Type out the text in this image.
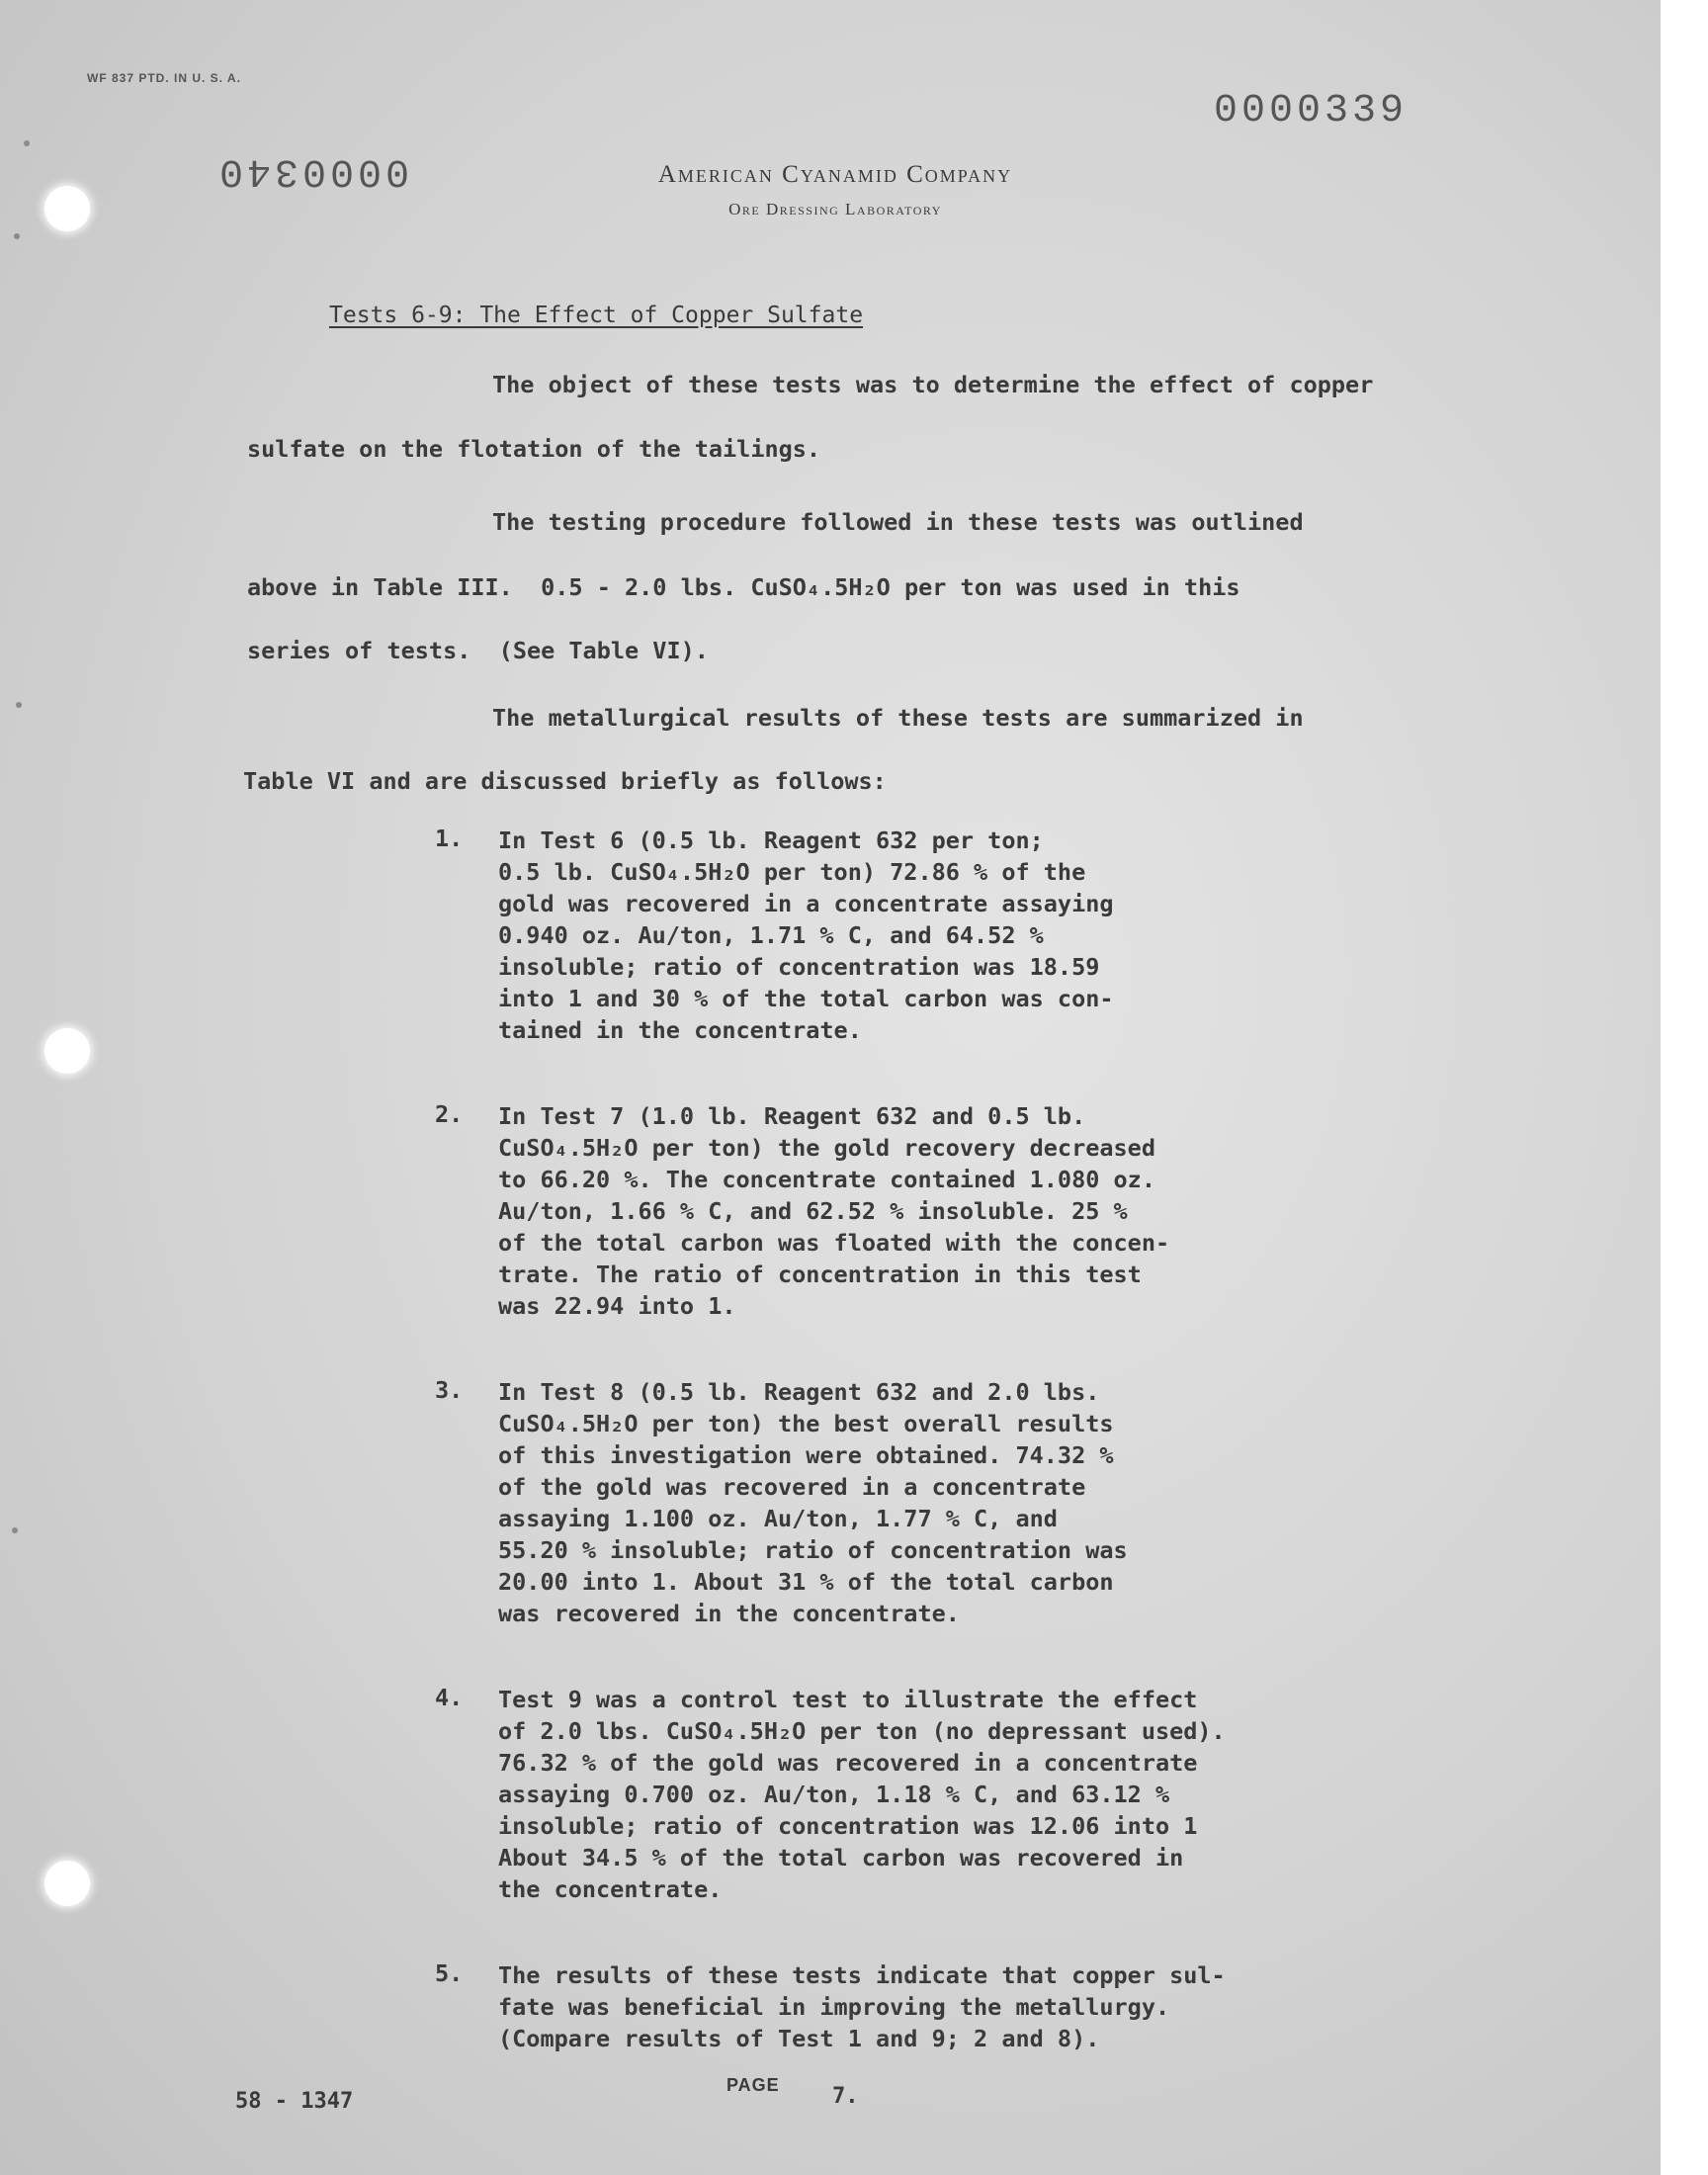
WF 837 PTD. IN U. S. A.
0000339
0000340	American Cyanamid Company
Ore Dressing Laboratory
Tests 6-9: The Effect of Copper Sulfate
The object of these tests was to determine the effect of copper
sulfate on the flotation of the tailings.
The testing procedure followed in these tests was outlined
above in Table III.  0.5 - 2.0 lbs. CuSO₄.5H₂O per ton was used in this
series of tests.  (See Table VI).
The metallurgical results of these tests are summarized in
Table VI and are discussed briefly as follows:
1.	In Test 6 (0.5 lb. Reagent 632 per ton;
0.5 lb. CuSO₄.5H₂O per ton) 72.86 % of the
gold was recovered in a concentrate assaying
0.940 oz. Au/ton, 1.71 % C, and 64.52 %
insoluble; ratio of concentration was 18.59
into 1 and 30 % of the total carbon was con-
tained in the concentrate.
2.	In Test 7 (1.0 lb. Reagent 632 and 0.5 lb.
CuSO₄.5H₂O per ton) the gold recovery decreased
to 66.20 %. The concentrate contained 1.080 oz.
Au/ton, 1.66 % C, and 62.52 % insoluble. 25 %
of the total carbon was floated with the concen-
trate. The ratio of concentration in this test
was 22.94 into 1.
3.	In Test 8 (0.5 lb. Reagent 632 and 2.0 lbs.
CuSO₄.5H₂O per ton) the best overall results
of this investigation were obtained. 74.32 %
of the gold was recovered in a concentrate
assaying 1.100 oz. Au/ton, 1.77 % C, and
55.20 % insoluble; ratio of concentration was
20.00 into 1. About 31 % of the total carbon
was recovered in the concentrate.
4.	Test 9 was a control test to illustrate the effect
of 2.0 lbs. CuSO₄.5H₂O per ton (no depressant used).
76.32 % of the gold was recovered in a concentrate
assaying 0.700 oz. Au/ton, 1.18 % C, and 63.12 %
insoluble; ratio of concentration was 12.06 into 1
About 34.5 % of the total carbon was recovered in
the concentrate.
5.	The results of these tests indicate that copper sul-
fate was beneficial in improving the metallurgy.
(Compare results of Test 1 and 9; 2 and 8).
58 - 1347
PAGE 7.
